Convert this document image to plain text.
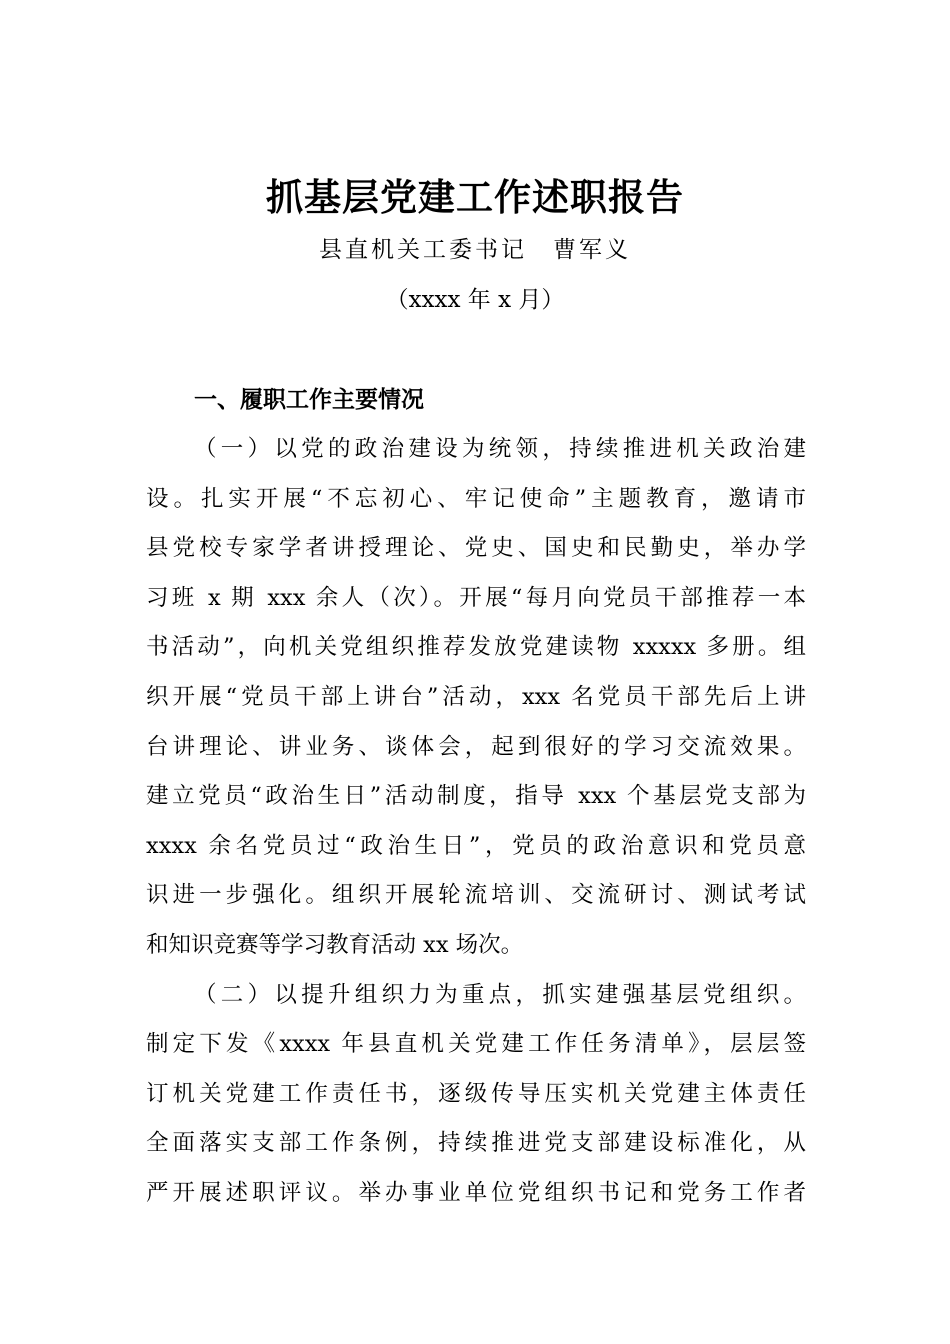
抓基层党建工作述职报告
县直机关工委书记　曹军义
（xxxx 年 x 月）
一、履职工作主要情况
（一）以党的政治建设为统领，持续推进机关政治建
设。扎实开展“不忘初心、牢记使命”主题教育，邀请市
县党校专家学者讲授理论、党史、国史和民勤史，举办学
习班 x 期 xxx 余人（次）。开展“每月向党员干部推荐一本
书活动”，向机关党组织推荐发放党建读物 xxxxx 多册。组
织开展“党员干部上讲台”活动，xxx 名党员干部先后上讲
台讲理论、讲业务、谈体会，起到很好的学习交流效果。
建立党员“政治生日”活动制度，指导 xxx 个基层党支部为
xxxx 余名党员过“政治生日”，党员的政治意识和党员意
识进一步强化。组织开展轮流培训、交流研讨、测试考试
和知识竞赛等学习教育活动 xx 场次。
（二）以提升组织力为重点，抓实建强基层党组织。
制定下发《xxxx 年县直机关党建工作任务清单》，层层签
订机关党建工作责任书，逐级传导压实机关党建主体责任
全面落实支部工作条例，持续推进党支部建设标准化，从
严开展述职评议。举办事业单位党组织书记和党务工作者
